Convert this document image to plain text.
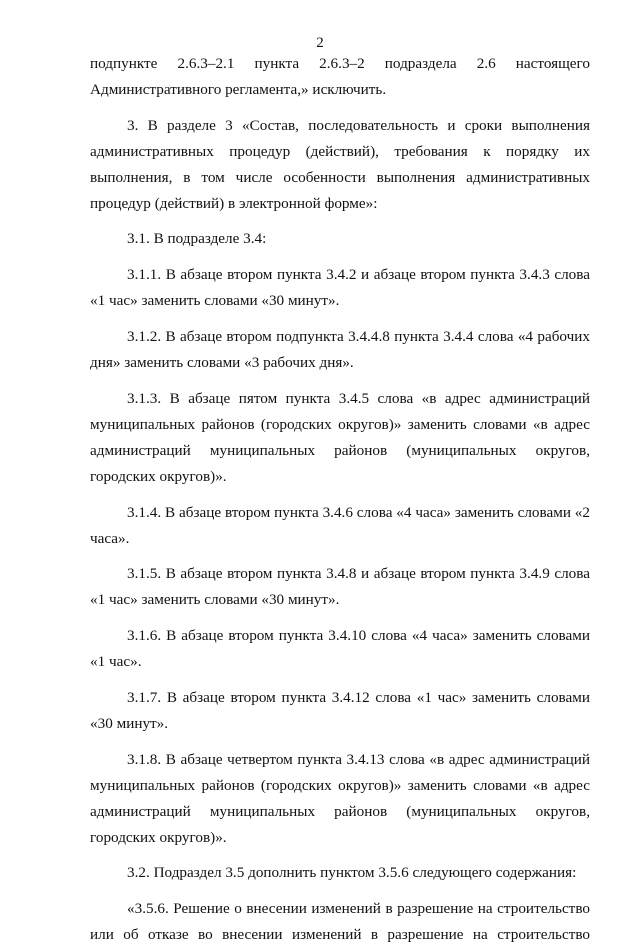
2

подпункте 2.6.3–2.1 пункта 2.6.3–2 подраздела 2.6 настоящего Административного регламента,» исключить.

3. В разделе 3 «Состав, последовательность и сроки выполнения административных процедур (действий), требования к порядку их выполнения, в том числе особенности выполнения административных процедур (действий) в электронной форме»:

3.1. В подразделе 3.4:

3.1.1. В абзаце втором пункта 3.4.2 и абзаце втором пункта 3.4.3 слова «1 час» заменить словами «30 минут».

3.1.2. В абзаце втором подпункта 3.4.4.8 пункта 3.4.4 слова «4 рабочих дня» заменить словами «3 рабочих дня».

3.1.3. В абзаце пятом пункта 3.4.5 слова «в адрес администраций муниципальных районов (городских округов)» заменить словами «в адрес администраций муниципальных районов (муниципальных округов, городских округов)».

3.1.4. В абзаце втором пункта 3.4.6 слова «4 часа» заменить словами «2 часа».

3.1.5. В абзаце втором пункта 3.4.8 и абзаце втором пункта 3.4.9 слова «1 час» заменить словами «30 минут».

3.1.6. В абзаце втором пункта 3.4.10 слова «4 часа» заменить словами «1 час».

3.1.7. В абзаце втором пункта 3.4.12 слова «1 час» заменить словами «30 минут».

3.1.8. В абзаце четвертом пункта 3.4.13 слова «в адрес администраций муниципальных районов (городских округов)» заменить словами «в адрес администраций муниципальных районов (муниципальных округов, городских округов)».

3.2. Подраздел 3.5 дополнить пунктом 3.5.6 следующего содержания:

«3.5.6. Решение о внесении изменений в разрешение на строительство или об отказе во внесении изменений в разрешение на строительство
